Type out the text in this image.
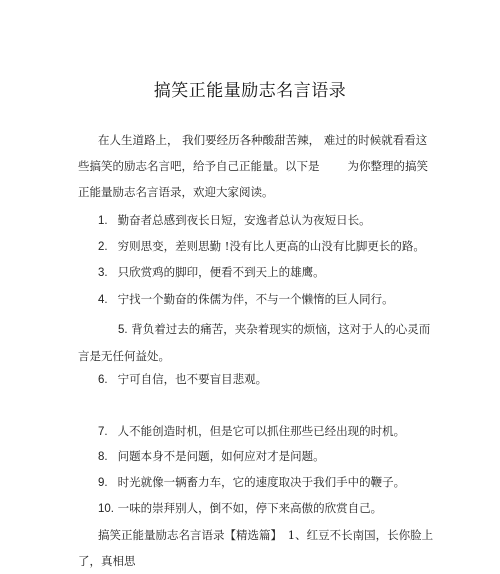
搞笑正能量励志名言语录
在人生道路上， 我们要经历各种酸甜苦辣， 难过的时候就看看这些搞笑的励志名言吧，给予自己正能量。以下是 为你整理的搞笑正能量励志名言语录，欢迎大家阅读。
1. 勤奋者总感到夜长日短，安逸者总认为夜短日长。
2. 穷则思变，差则思勤 !没有比人更高的山没有比脚更长的路。
3. 只欣赏鸡的脚印，便看不到天上的雄鹰。
4. 宁找一个勤奋的侏儒为伴，不与一个懒惰的巨人同行。
5. 背负着过去的痛苦，夹杂着现实的烦恼，这对于人的心灵而言是无任何益处。
6. 宁可自信，也不要盲目悲观。
7. 人不能创造时机，但是它可以抓住那些已经出现的时机。
8. 问题本身不是问题，如何应对才是问题。
9. 时光就像一辆畜力车，它的速度取决于我们手中的鞭子。
10. 一味的崇拜别人，倒不如，停下来高傲的欣赏自己。
搞笑正能量励志名言语录【精选篇】　1、红豆不长南国，长你脸上了，真相思
